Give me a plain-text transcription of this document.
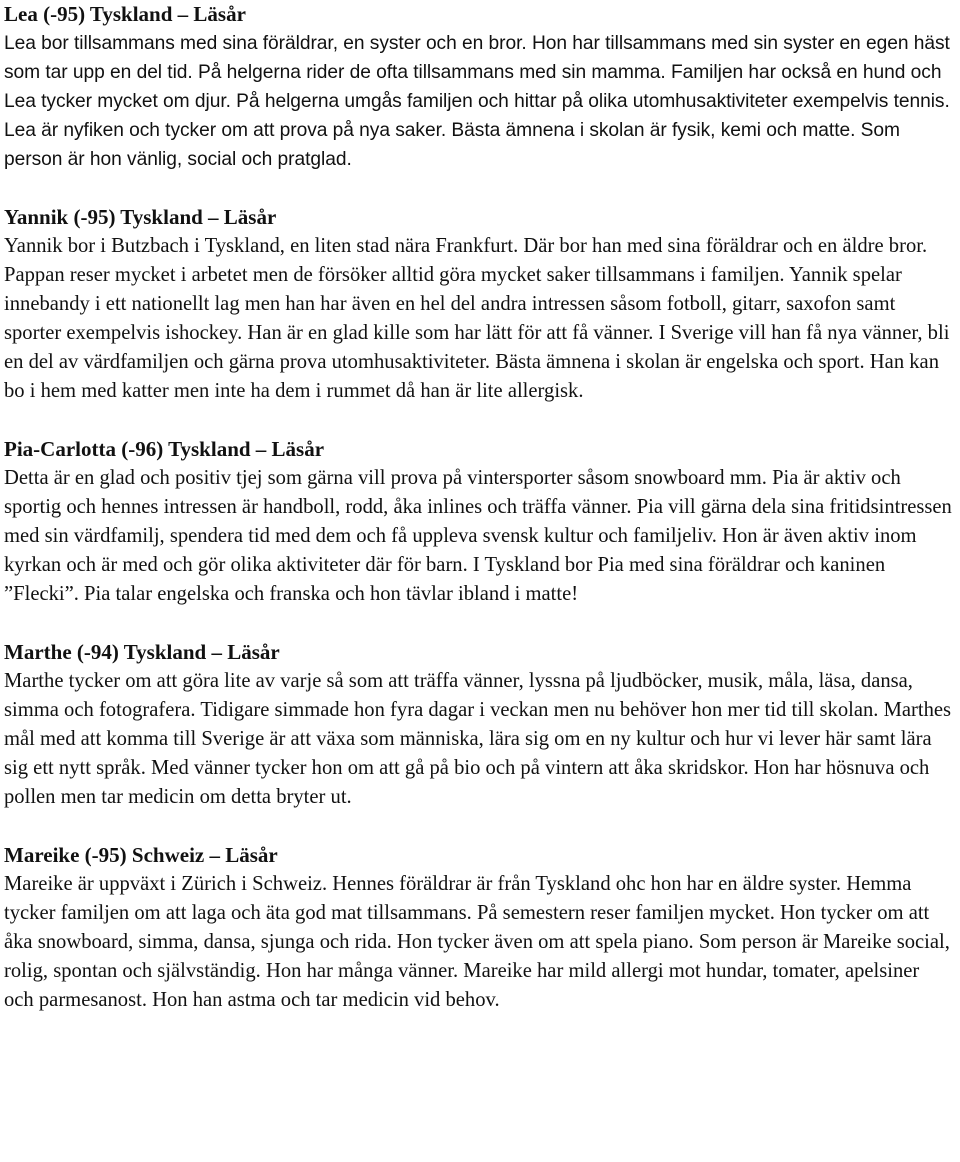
Lea (-95) Tyskland – Läsår

Lea bor tillsammans med sina föräldrar, en syster och en bror. Hon har tillsammans med sin syster en egen häst som tar upp en del tid. På helgerna rider de ofta tillsammans med sin mamma. Familjen har också en hund och Lea tycker mycket om djur. På helgerna umgås familjen och hittar på olika utomhusaktiviteter exempelvis tennis. Lea är nyfiken och tycker om att prova på nya saker. Bästa ämnena i skolan är fysik, kemi och matte. Som person är hon vänlig, social och pratglad.

Yannik (-95) Tyskland – Läsår

Yannik bor i Butzbach i Tyskland, en liten stad nära Frankfurt. Där bor han med sina föräldrar och en äldre bror. Pappan reser mycket i arbetet men de försöker alltid göra mycket saker tillsammans i familjen. Yannik spelar innebandy i ett nationellt lag men han har även en hel del andra intressen såsom fotboll, gitarr, saxofon samt sporter exempelvis ishockey. Han är en glad kille som har lätt för att få vänner. I Sverige vill han få nya vänner, bli en del av värdfamiljen och gärna prova utomhusaktiviteter. Bästa ämnena i skolan är engelska och sport. Han kan bo i hem med katter men inte ha dem i rummet då han är lite allergisk.

Pia-Carlotta (-96) Tyskland – Läsår

Detta är en glad och positiv tjej som gärna vill prova på vintersporter såsom snowboard mm. Pia är aktiv och sportig och hennes intressen är handboll, rodd, åka inlines och träffa vänner. Pia vill gärna dela sina fritidsintressen med sin värdfamilj, spendera tid med dem och få uppleva svensk kultur och familjeliv. Hon är även aktiv inom kyrkan och är med och gör olika aktiviteter där för barn. I Tyskland bor Pia med sina föräldrar och kaninen ”Flecki”. Pia talar engelska och franska och hon tävlar ibland i matte!

Marthe (-94) Tyskland – Läsår

Marthe tycker om att göra lite av varje så som att träffa vänner, lyssna på ljudböcker, musik, måla, läsa, dansa, simma och fotografera. Tidigare simmade hon fyra dagar i veckan men nu behöver hon mer tid till skolan. Marthes mål med att komma till Sverige är att växa som människa, lära sig om en ny kultur och hur vi lever här samt lära sig ett nytt språk. Med vänner tycker hon om att gå på bio och på vintern att åka skridskor. Hon har hösnuva och pollen men tar medicin om detta bryter ut.

Mareike (-95) Schweiz – Läsår

Mareike är uppväxt i Zürich i Schweiz. Hennes föräldrar är från Tyskland ohc hon har en äldre syster. Hemma tycker familjen om att laga och äta god mat tillsammans. På semestern reser familjen mycket. Hon tycker om att åka snowboard, simma, dansa, sjunga och rida. Hon tycker även om att spela piano. Som person är Mareike social, rolig, spontan och självständig. Hon har många vänner. Mareike har mild allergi mot hundar, tomater, apelsiner och parmesanost. Hon han astma och tar medicin vid behov.
